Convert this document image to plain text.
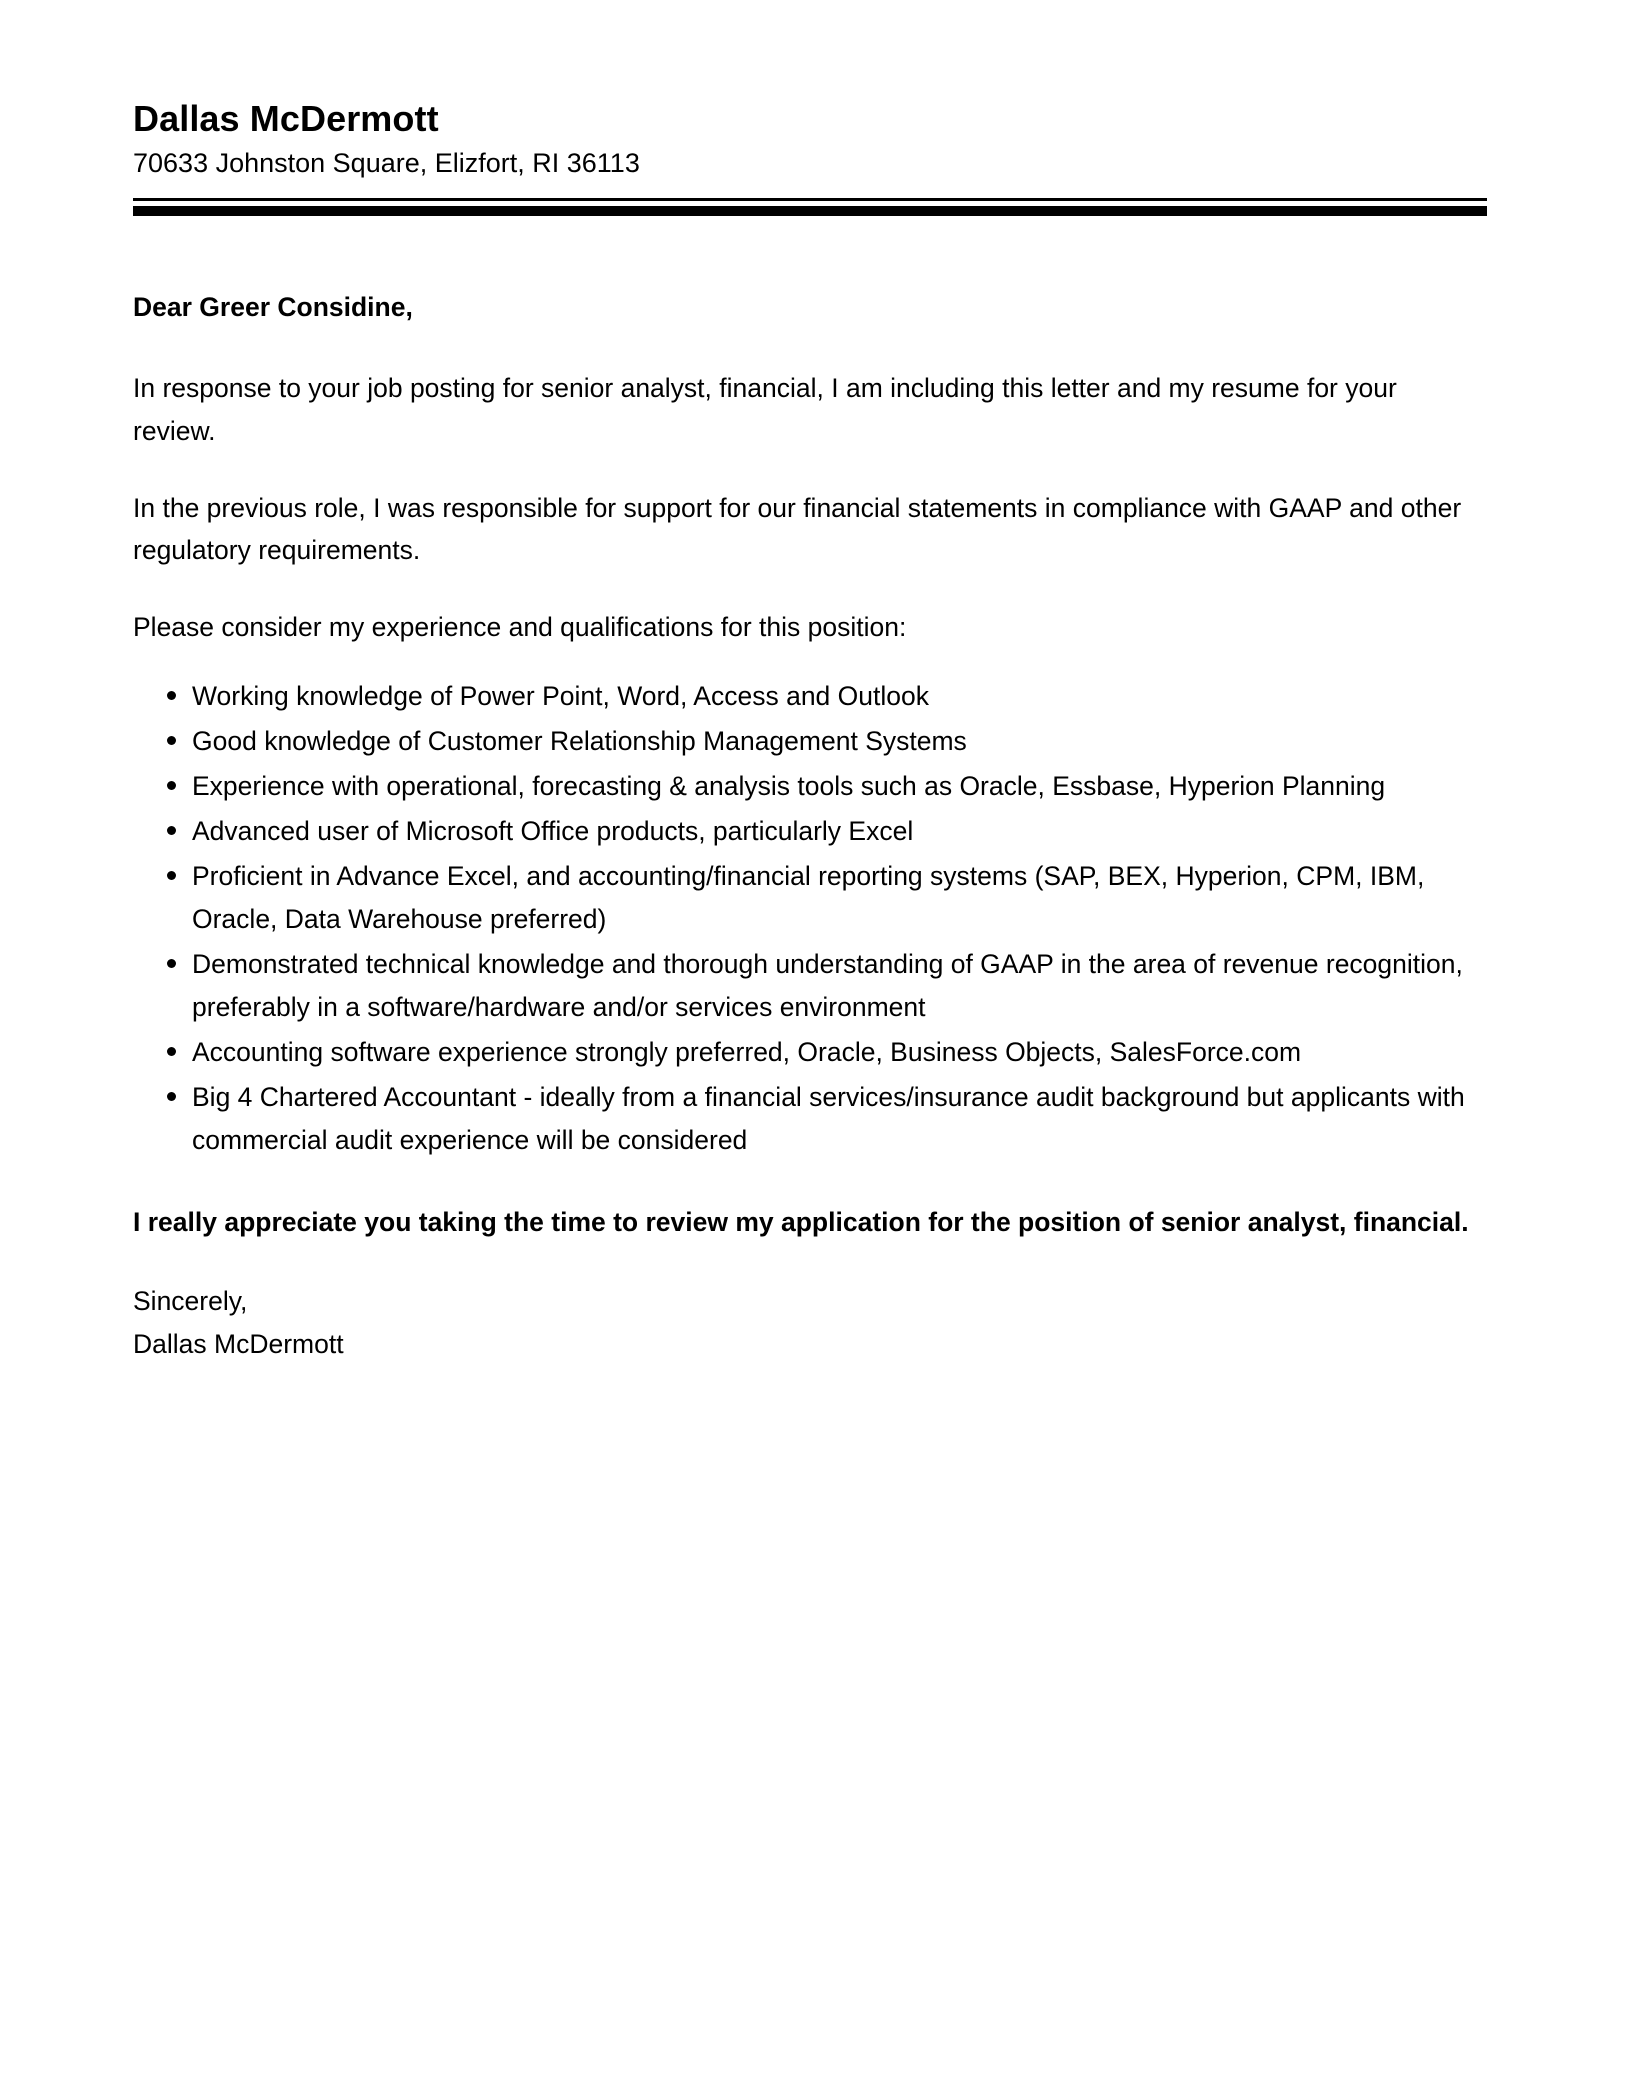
Dallas McDermott

70633 Johnston Square, Elizfort, RI 36113

Dear Greer Considine,

In response to your job posting for senior analyst, financial, I am including this letter and my resume for your review.

In the previous role, I was responsible for support for our financial statements in compliance with GAAP and other regulatory requirements.

Please consider my experience and qualifications for this position:

Working knowledge of Power Point, Word, Access and Outlook
Good knowledge of Customer Relationship Management Systems
Experience with operational, forecasting & analysis tools such as Oracle, Essbase, Hyperion Planning
Advanced user of Microsoft Office products, particularly Excel
Proficient in Advance Excel, and accounting/financial reporting systems (SAP, BEX, Hyperion, CPM, IBM, Oracle, Data Warehouse preferred)
Demonstrated technical knowledge and thorough understanding of GAAP in the area of revenue recognition, preferably in a software/hardware and/or services environment
Accounting software experience strongly preferred, Oracle, Business Objects, SalesForce.com
Big 4 Chartered Accountant - ideally from a financial services/insurance audit background but applicants with commercial audit experience will be considered

I really appreciate you taking the time to review my application for the position of senior analyst, financial.

Sincerely,

Dallas McDermott
